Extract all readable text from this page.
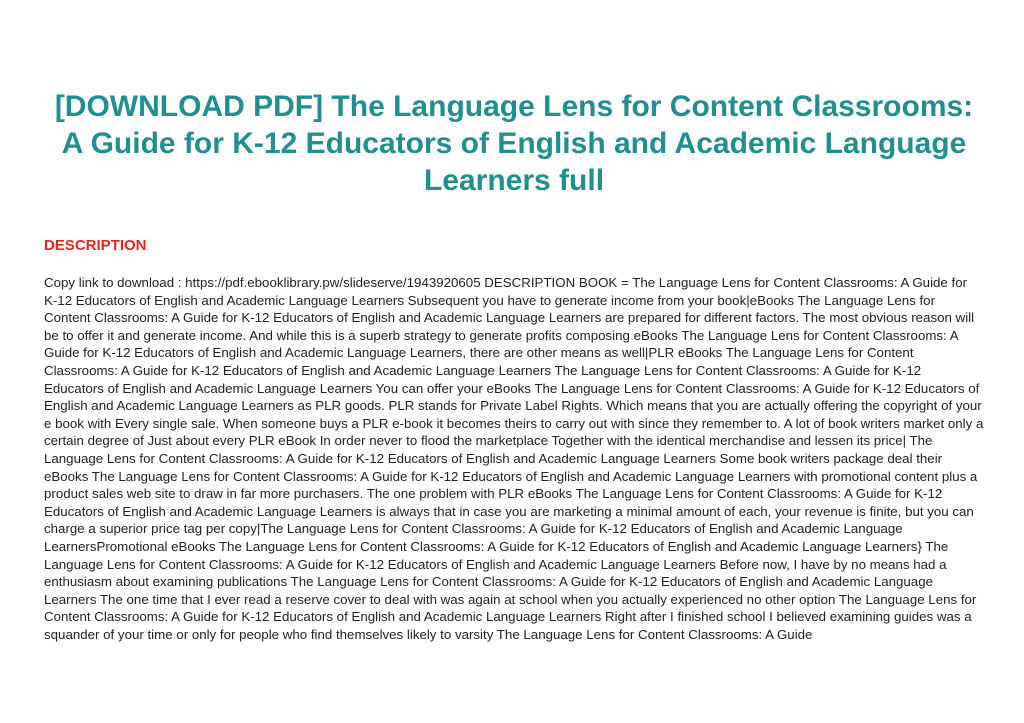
[DOWNLOAD PDF] The Language Lens for Content Classrooms: A Guide for K-12 Educators of English and Academic Language Learners full
DESCRIPTION

Copy link to download : https://pdf.ebooklibrary.pw/slideserve/1943920605 DESCRIPTION BOOK = The Language Lens for Content Classrooms: A Guide for K-12 Educators of English and Academic Language Learners Subsequent you have to generate income from your book|eBooks The Language Lens for Content Classrooms: A Guide for K-12 Educators of English and Academic Language Learners are prepared for different factors. The most obvious reason will be to offer it and generate income. And while this is a superb strategy to generate profits composing eBooks The Language Lens for Content Classrooms: A Guide for K-12 Educators of English and Academic Language Learners, there are other means as well|PLR eBooks The Language Lens for Content Classrooms: A Guide for K-12 Educators of English and Academic Language Learners The Language Lens for Content Classrooms: A Guide for K-12 Educators of English and Academic Language Learners You can offer your eBooks The Language Lens for Content Classrooms: A Guide for K-12 Educators of English and Academic Language Learners as PLR goods. PLR stands for Private Label Rights. Which means that you are actually offering the copyright of your e book with Every single sale. When someone buys a PLR e-book it becomes theirs to carry out with since they remember to. A lot of book writers market only a certain degree of Just about every PLR eBook In order never to flood the marketplace Together with the identical merchandise and lessen its price| The Language Lens for Content Classrooms: A Guide for K-12 Educators of English and Academic Language Learners Some book writers package deal their eBooks The Language Lens for Content Classrooms: A Guide for K-12 Educators of English and Academic Language Learners with promotional content plus a product sales web site to draw in far more purchasers. The one problem with PLR eBooks The Language Lens for Content Classrooms: A Guide for K-12 Educators of English and Academic Language Learners is always that in case you are marketing a minimal amount of each, your revenue is finite, but you can charge a superior price tag per copy|The Language Lens for Content Classrooms: A Guide for K-12 Educators of English and Academic Language LearnersPromotional eBooks The Language Lens for Content Classrooms: A Guide for K-12 Educators of English and Academic Language Learners} The Language Lens for Content Classrooms: A Guide for K-12 Educators of English and Academic Language Learners Before now, I have by no means had a enthusiasm about examining publications The Language Lens for Content Classrooms: A Guide for K-12 Educators of English and Academic Language Learners The one time that I ever read a reserve cover to deal with was again at school when you actually experienced no other option The Language Lens for Content Classrooms: A Guide for K-12 Educators of English and Academic Language Learners Right after I finished school I believed examining guides was a squander of your time or only for people who find themselves likely to varsity The Language Lens for Content Classrooms: A Guide
